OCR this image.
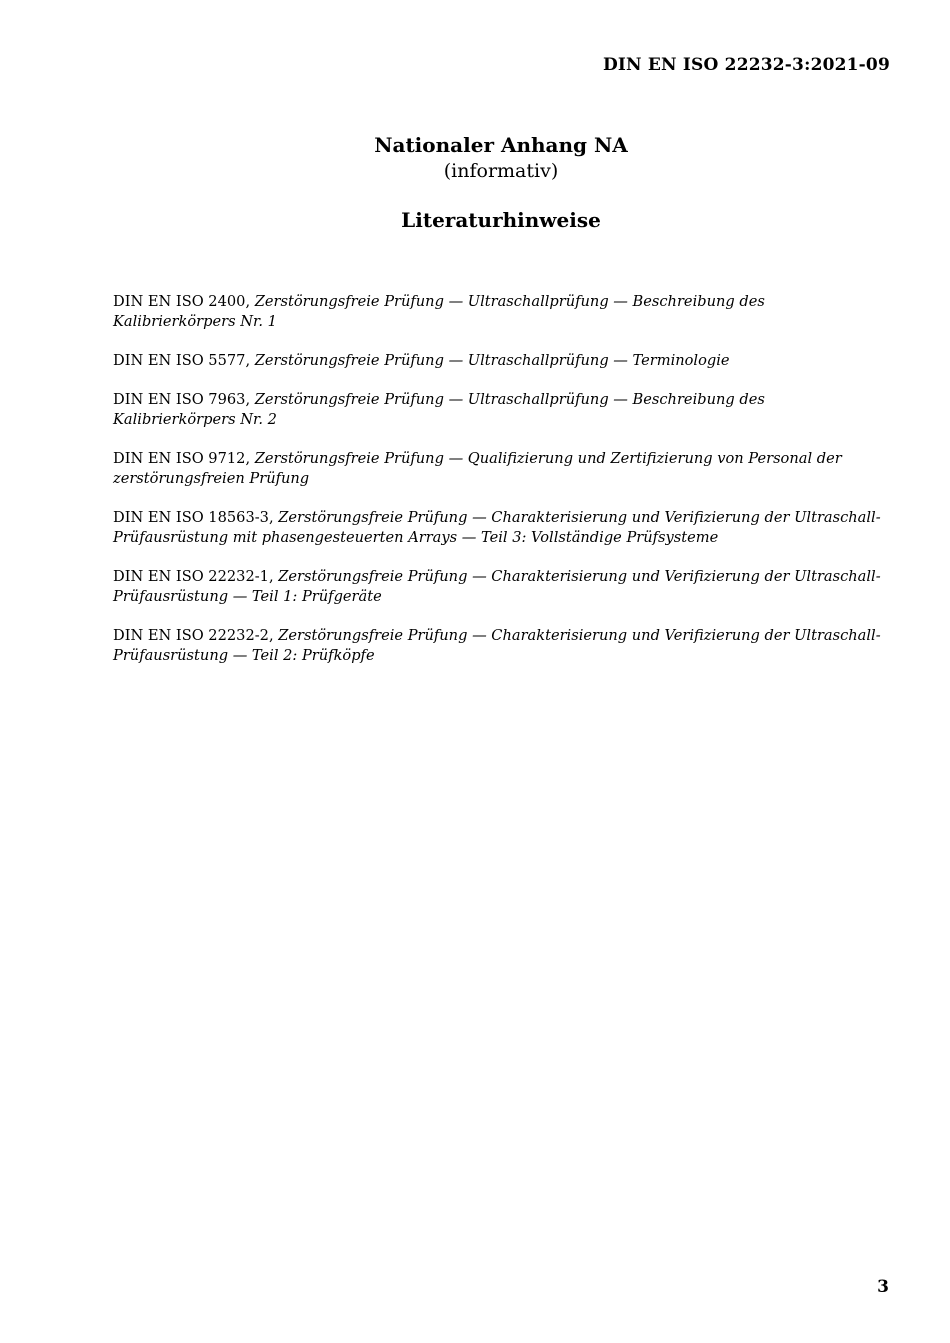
DIN EN ISO 22232-3:2021-09
Nationaler Anhang NA
(informativ)
Literaturhinweise

DIN EN ISO 2400, Zerstörungsfreie Prüfung — Ultraschallprüfung — Beschreibung des Kalibrierkörpers Nr. 1

DIN EN ISO 5577, Zerstörungsfreie Prüfung — Ultraschallprüfung — Terminologie

DIN EN ISO 7963, Zerstörungsfreie Prüfung — Ultraschallprüfung — Beschreibung des Kalibrierkörpers Nr. 2

DIN EN ISO 9712, Zerstörungsfreie Prüfung — Qualifizierung und Zertifizierung von Personal der zerstörungsfreien Prüfung

DIN EN ISO 18563-3, Zerstörungsfreie Prüfung — Charakterisierung und Verifizierung der Ultraschall-Prüfausrüstung mit phasengesteuerten Arrays — Teil 3: Vollständige Prüfsysteme

DIN EN ISO 22232-1, Zerstörungsfreie Prüfung — Charakterisierung und Verifizierung der Ultraschall-Prüfausrüstung — Teil 1: Prüfgeräte

DIN EN ISO 22232-2, Zerstörungsfreie Prüfung — Charakterisierung und Verifizierung der Ultraschall-Prüfausrüstung — Teil 2: Prüfköpfe

3
